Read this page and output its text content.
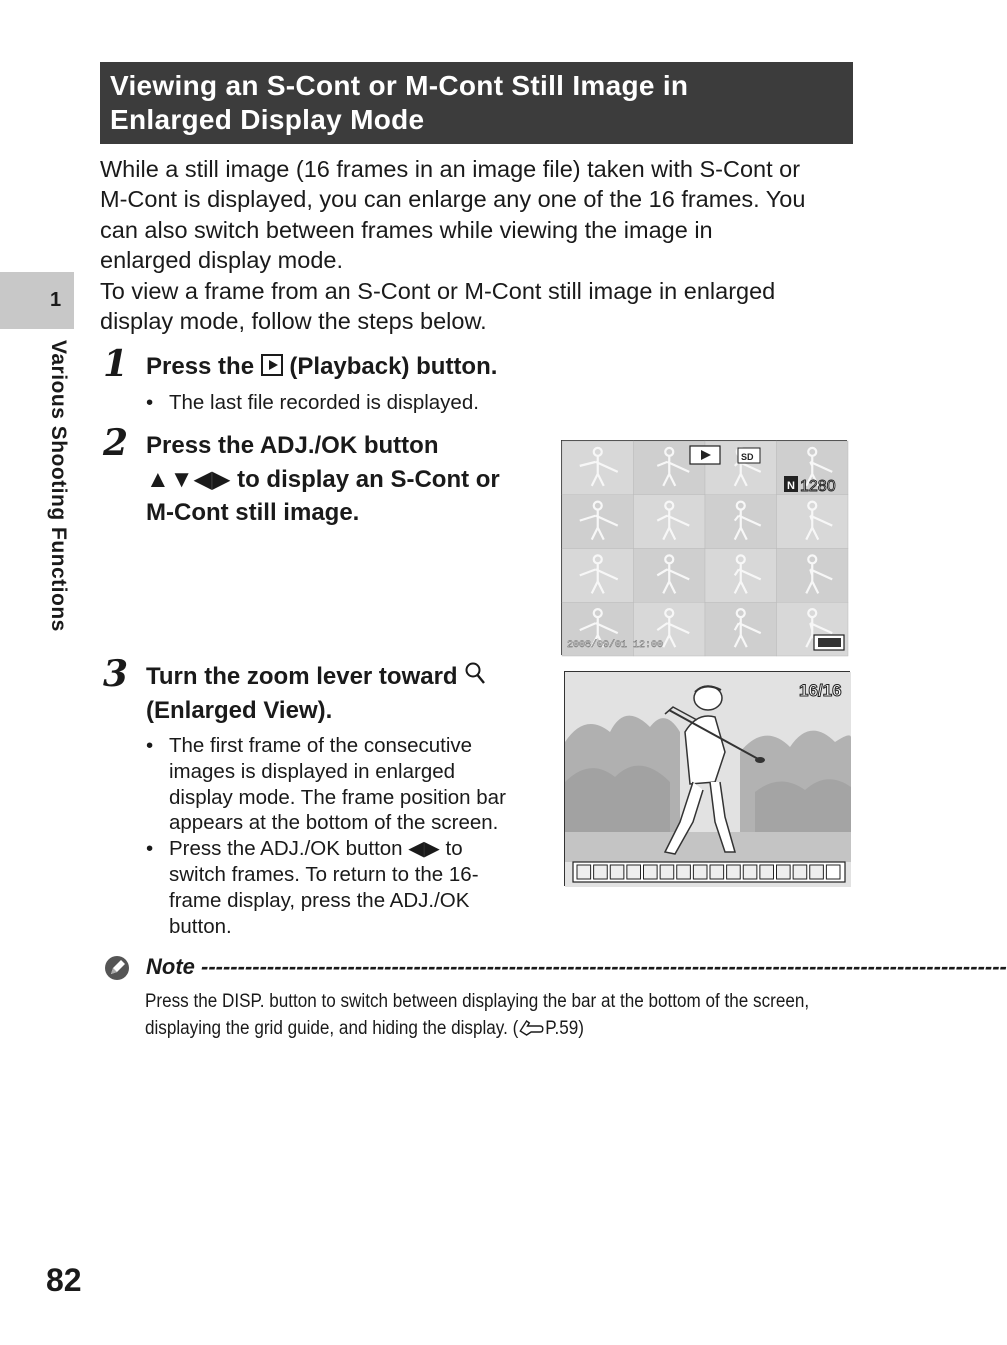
Viewing an S-Cont or M-Cont Still Image in
Enlarged Display Mode
While a still image (16 frames in an image file) taken with S-Cont or
M-Cont is displayed, you can enlarge any one of the 16 frames. You
can also switch between frames while viewing the image in
enlarged display mode.
To view a frame from an S-Cont or M-Cont still image in enlarged
display mode, follow the steps below.
1
Various Shooting Functions 1 Press the  (Playback) button.
• The last file recorded is displayed.
2 Press the ADJ./OK button
▲▼◀▶ to display an S-Cont or
M-Cont still image.
SD
N 1280
2008/09/01 12:00
3 Turn the zoom lever toward
(Enlarged View).
• The first frame of the consecutive
images is displayed in enlarged
display mode. The frame position bar
appears at the bottom of the screen.
• Press the ADJ./OK button ◀▶ to
switch frames. To return to the 16-
frame display, press the ADJ./OK
button.
16/16
Note --------------------------------------------------------------------------------------------------------------
Press the DISP. button to switch between displaying the bar at the bottom of the screen,
displaying the grid guide, and hiding the display. ( P.59)
82
